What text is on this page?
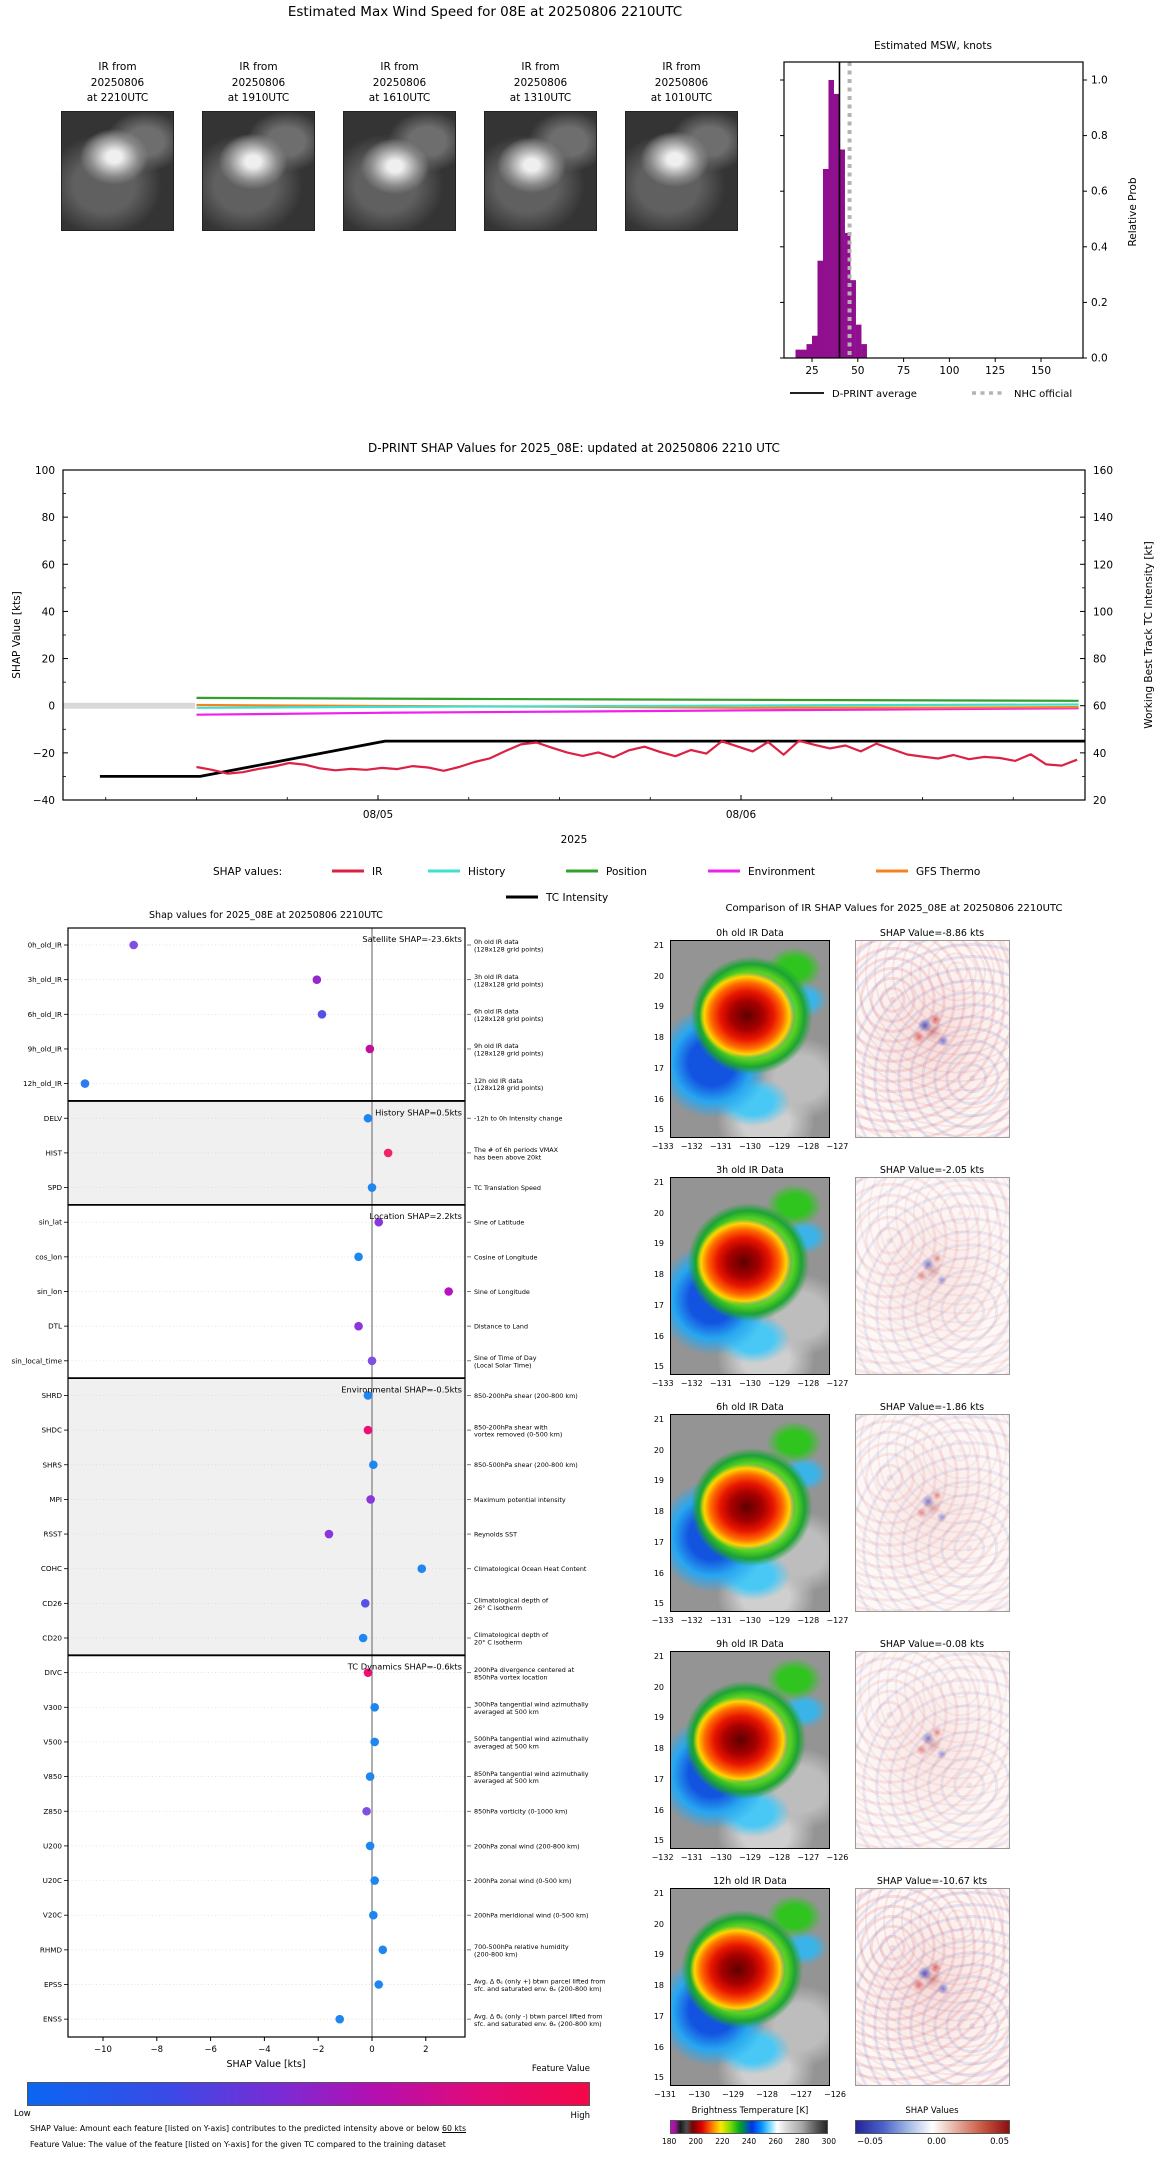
Estimated Max Wind Speed for 08E at 20250806 2210UTC
IR from
20250806
at 2210UTC
IR from
20250806
at 1910UTC
IR from
20250806
at 1610UTC
IR from
20250806
at 1310UTC
IR from
20250806
at 1010UTC
Estimated MSW, knots
Relative Prob
25	50	75	100 125 150
1.0
0.8
0.6
0.4
0.2
0.0
D-PRINT average	NHC official
D-PRINT SHAP Values for 2025_08E: updated at 20250806 2210 UTC
SHAP Value [kts]	Working Best Track TC Intensity [kt]
2025
SHAP values:
100	160
80	140
60	120
40	100
20	80
0	60
−20	40
−40	20
08/05	08/06
IR	History	Position	Environment	GFS Thermo
TC Intensity
Shap values for 2025_08E at 20250806 2210UTC
SHAP Value [kts]
0h_old_IR	0h old IR data (128x128 grid points)
3h_old_IR	3h old IR data (128x128 grid points)
6h_old_IR	6h old IR data (128x128 grid points)
9h_old_IR	9h old IR data (128x128 grid points)
12h_old_IR	12h old IR data (128x128 grid points)
DELV	-12h to 0h Intensity change
HIST	The # of 6h periods VMAX has been above 20kt
SPD	TC Translation Speed
sin_lat	Sine of Latitude
cos_lon	Cosine of Longitude
sin_lon	Sine of Longitude
DTL	Distance to Land
sin_local_time	Sine of Time of Day (Local Solar Time)
SHRD	850-200hPa shear (200-800 km)
SHDC	850-200hPa shear with vortex removed (0-500 km)
SHRS	850-500hPa shear (200-800 km)
MPI	Maximum potential intensity
RSST	Reynolds SST
COHC	Climatological Ocean Heat Content
CD26	Climatological depth of 26° C isotherm
CD20	Climatological depth of 20° C isotherm
DIVC	200hPa divergence centered at 850hPa vortex location
V300	300hPa tangential wind azimuthally averaged at 500 km
V500	500hPa tangential wind azimuthally averaged at 500 km
V850	850hPa tangential wind azimuthally averaged at 500 km
Z850	850hPa vorticity (0-1000 km)
U200	200hPa zonal wind (200-800 km)
U20C	200hPa zonal wind (0-500 km)
V20C	200hPa meridional wind (0-500 km)
RHMD	700-500hPa relative humidity (200-800 km)
EPSS	Avg. Δ θₑ (only +) btwn parcel lifted from sfc. and saturated env. θₑ (200-800 km)
ENSS	Avg. Δ θₑ (only -) btwn parcel lifted from sfc. and saturated env. θₑ (200-800 km)
Satellite SHAP=-23.6kts
History SHAP=0.5kts
Location SHAP=2.2kts
Environmental SHAP=-0.5kts
TC Dynamics SHAP=-0.6kts
−10	−8	−6	−4	−2	0	2
Feature Value
Low	High
SHAP Value: Amount each feature [listed on Y-axis] contributes to the predicted intensity above or below 60 kts
Feature Value: The value of the feature [listed on Y-axis] for the given TC compared to the training dataset
Comparison of IR SHAP Values for 2025_08E at 20250806 2210UTC
0h old IR Data
21
20
19
18
17
16
15
−133 −132 −131 −130 −129 −128 −127
SHAP Value=-8.86 kts
3h old IR Data
21
20
19
18
17
16
15
−133 −132 −131 −130 −129 −128 −127
SHAP Value=-2.05 kts
6h old IR Data
21
20
19
18
17
16
15
−133 −132 −131 −130 −129 −128 −127
SHAP Value=-1.86 kts
9h old IR Data
21
20
19
18
17
16
15
−132 −131 −130 −129 −128 −127 −126
SHAP Value=-0.08 kts
12h old IR Data
21
20
19
18
17
16
15
−131 −130 −129 −128 −127 −126
SHAP Value=-10.67 kts
Brightness Temperature [K]
180 200 220 240 260 280 300
SHAP Values
−0.05	0.00	0.05
